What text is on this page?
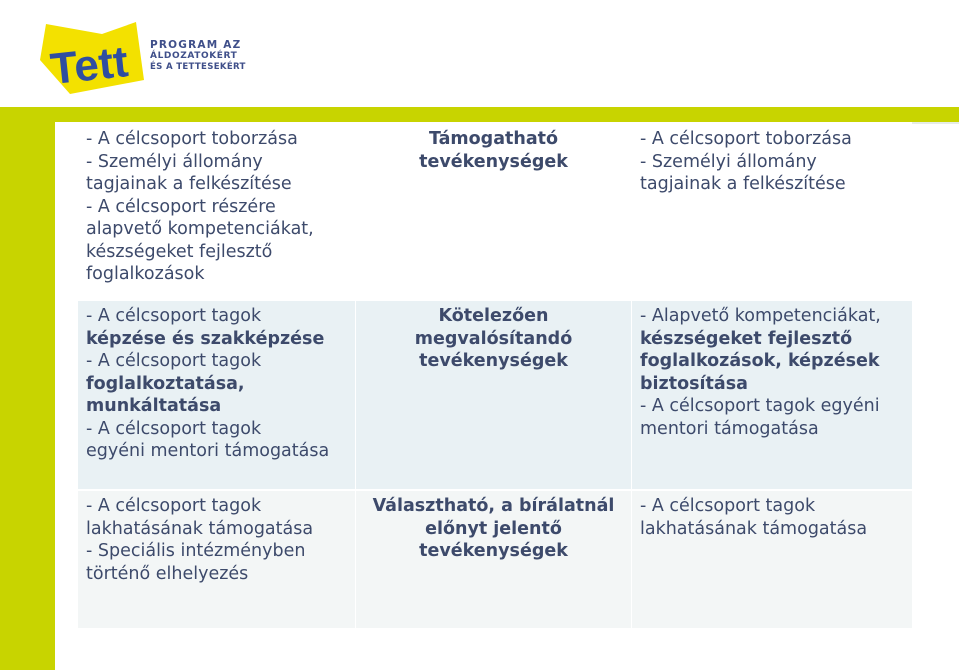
Tett PROGRAM AZ
ÁLDOZATOKÉRT
ÉS A TETTESEKÉRT
- A célcsoport toborzása
- Személyi állomány
tagjainak a felkészítése
- A célcsoport részére
alapvető kompetenciákat,
készségeket fejlesztő
foglalkozások
Támogatható
tevékenységek
- A célcsoport toborzása
- Személyi állomány
tagjainak a felkészítése
- A célcsoport tagok
képzése és szakképzése
- A célcsoport tagok
foglalkoztatása,
munkáltatása
- A célcsoport tagok
egyéni mentori támogatása
Kötelezően
megvalósítandó
tevékenységek
- Alapvető kompetenciákat,
készségeket fejlesztő
foglalkozások, képzések
biztosítása
- A célcsoport tagok egyéni
mentori támogatása
- A célcsoport tagok
lakhatásának támogatása
- Speciális intézményben
történő elhelyezés
Választható, a bírálatnál
előnyt jelentő
tevékenységek
- A célcsoport tagok
lakhatásának támogatása
